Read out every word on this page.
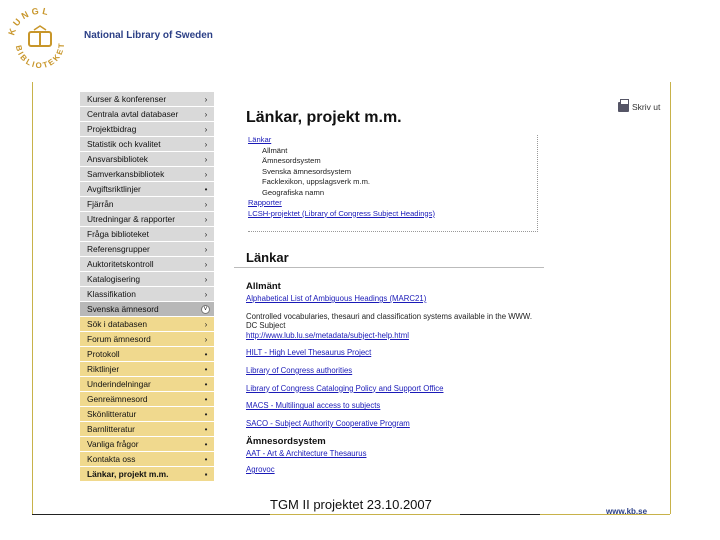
KUNGL
BIBLIOTEKET
National Library of Sweden
Kurser & konferenser	›
Centrala avtal databaser	›
Projektbidrag	›
Statistik och kvalitet	›
Ansvarsbibliotek	›
Samverkansbibliotek	›
Avgiftsriktlinjer	•
Fjärrån	›
Utredningar & rapporter	›
Fråga biblioteket	›
Referensgrupper	›
Auktoritetskontroll	›
Katalogisering	›
Klassifikation	›
Svenska ämnesord	v
Sök i databasen	›
Forum ämnesord	›
Protokoll	•
Riktlinjer	•
Underindelningar	•
Genreämnesord	•
Skönlitteratur	•
Barnlitteratur	•
Vanliga frågor	•
Kontakta oss	•
Länkar, projekt m.m.	▪
Länkar, projekt m.m.
Skriv ut
Länkar
Allmänt
Ämnesordsystem
Svenska ämnesordsystem
Facklexikon, uppslagsverk m.m.
Geografiska namn
Rapporter
LCSH-projektet (Library of Congress Subject Headings)
Länkar
Allmänt
Alphabetical List of Ambiguous Headings (MARC21)
Controlled vocabularies, thesauri and classification systems available in the WWW. DC Subject
http://www.lub.lu.se/metadata/subject-help.html
HILT - High Level Thesaurus Project
Library of Congress authorities
Library of Congress Cataloging Policy and Support Office
MACS - Multilingual access to subjects
SACO - Subject Authority Cooperative Program
Ämnesordsystem
AAT - Art & Architecture Thesaurus
Agrovoc
TGM II projektet 23.10.2007	www.kb.se
